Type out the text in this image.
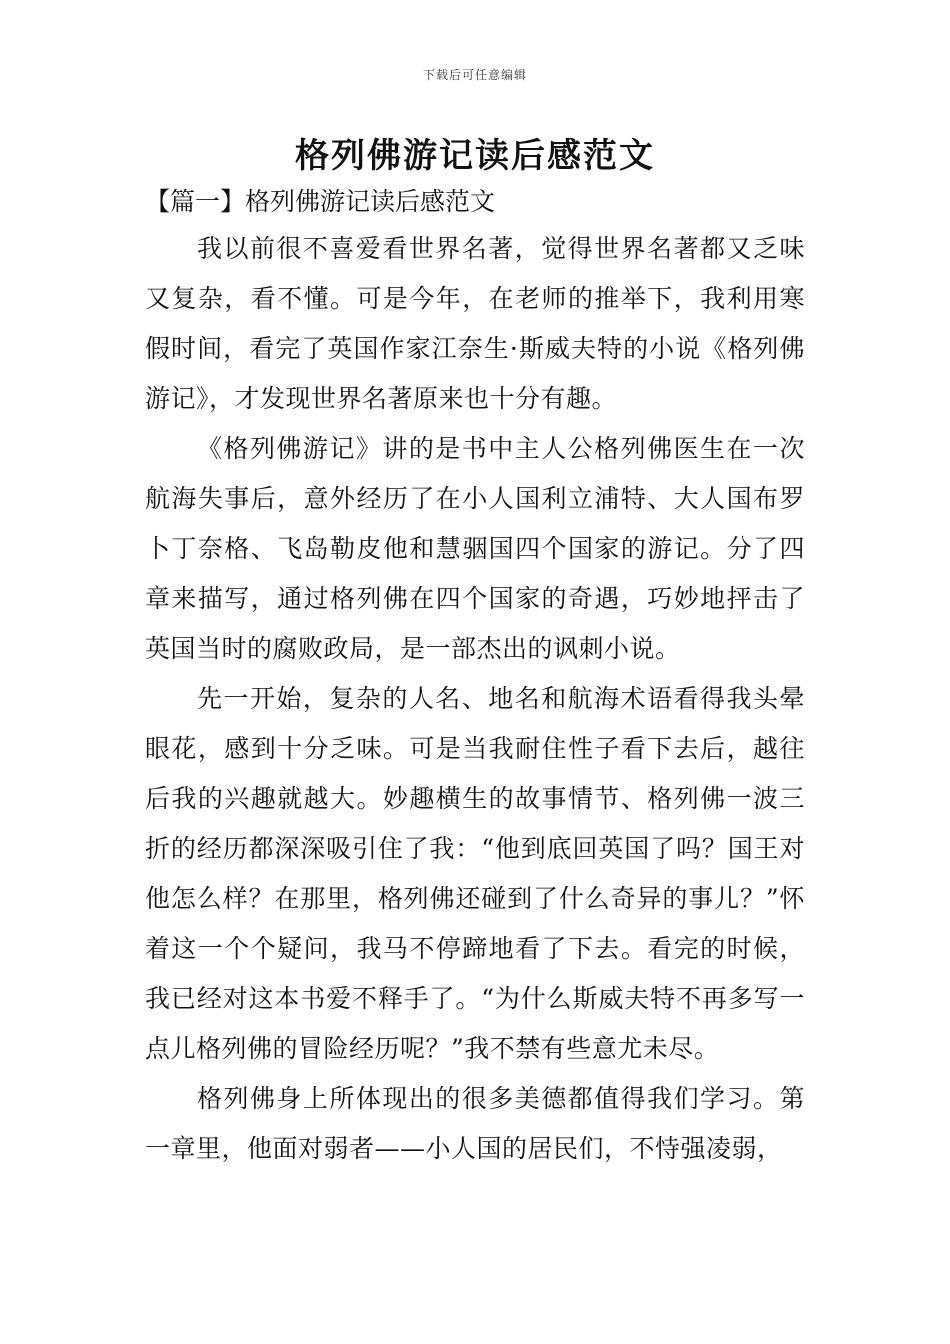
下载后可任意编辑
格列佛游记读后感范文
【篇一】格列佛游记读后感范文

我以前很不喜爱看世界名著，觉得世界名著都又乏味又复杂，看不懂。可是今年，在老师的推举下，我利用寒假时间，看完了英国作家江奈生·斯威夫特的小说《格列佛游记》，才发现世界名著原来也十分有趣。

《格列佛游记》讲的是书中主人公格列佛医生在一次航海失事后，意外经历了在小人国利立浦特、大人国布罗卜丁奈格、飞岛勒皮他和慧骃国四个国家的游记。分了四章来描写，通过格列佛在四个国家的奇遇，巧妙地抨击了英国当时的腐败政局，是一部杰出的讽刺小说。

先一开始，复杂的人名、地名和航海术语看得我头晕眼花，感到十分乏味。可是当我耐住性子看下去后，越往后我的兴趣就越大。妙趣横生的故事情节、格列佛一波三折的经历都深深吸引住了我：“他到底回英国了吗？国王对他怎么样？在那里，格列佛还碰到了什么奇异的事儿？”怀着这一个个疑问，我马不停蹄地看了下去。看完的时候，我已经对这本书爱不释手了。“为什么斯威夫特不再多写一点儿格列佛的冒险经历呢？”我不禁有些意尤未尽。

格列佛身上所体现出的很多美德都值得我们学习。第一章里，他面对弱者——小人国的居民们，不恃强凌弱，
